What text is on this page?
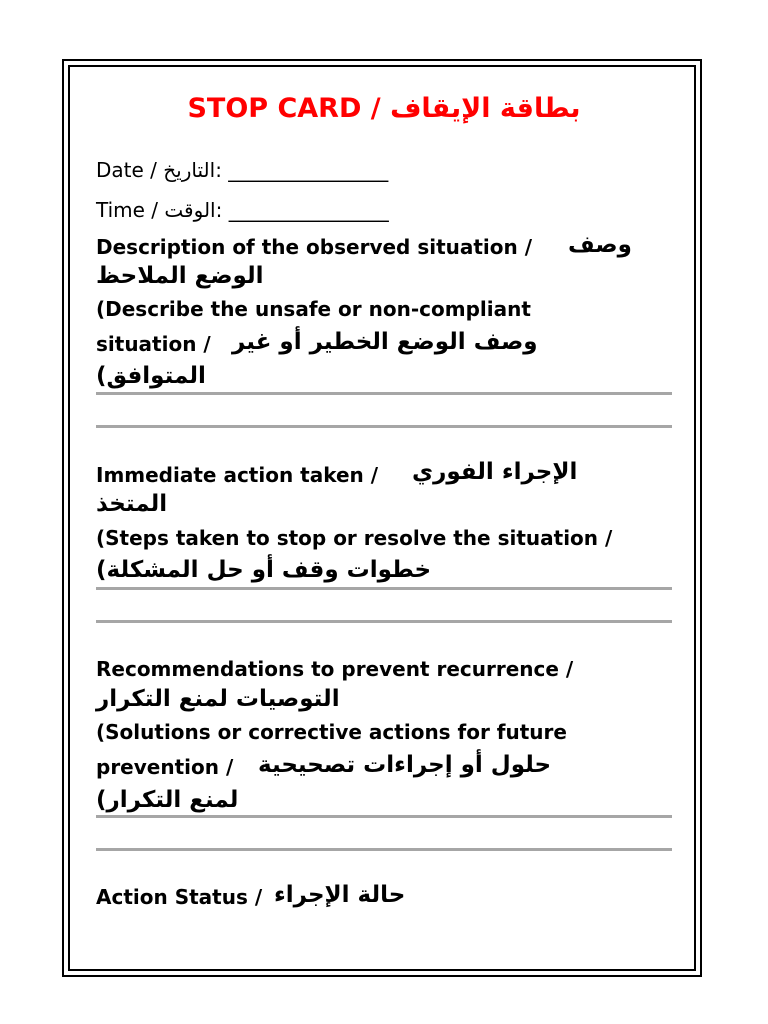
STOP CARD / بطاقة الإيقاف
Date / التاريخ: ________________
Time / الوقت: ________________
Description of the observed situation / وصف
الوضع الملاحظ
(Describe the unsafe or non-compliant
situation / وصف الوضع الخطير أو غير
المتوافق)
Immediate action taken / الإجراء الفوري
المتخذ
(Steps taken to stop or resolve the situation /
خطوات وقف أو حل المشكلة)
Recommendations to prevent recurrence /
التوصيات لمنع التكرار
(Solutions or corrective actions for future
prevention / حلول أو إجراءات تصحيحية
لمنع التكرار)
Action Status / حالة الإجراء
